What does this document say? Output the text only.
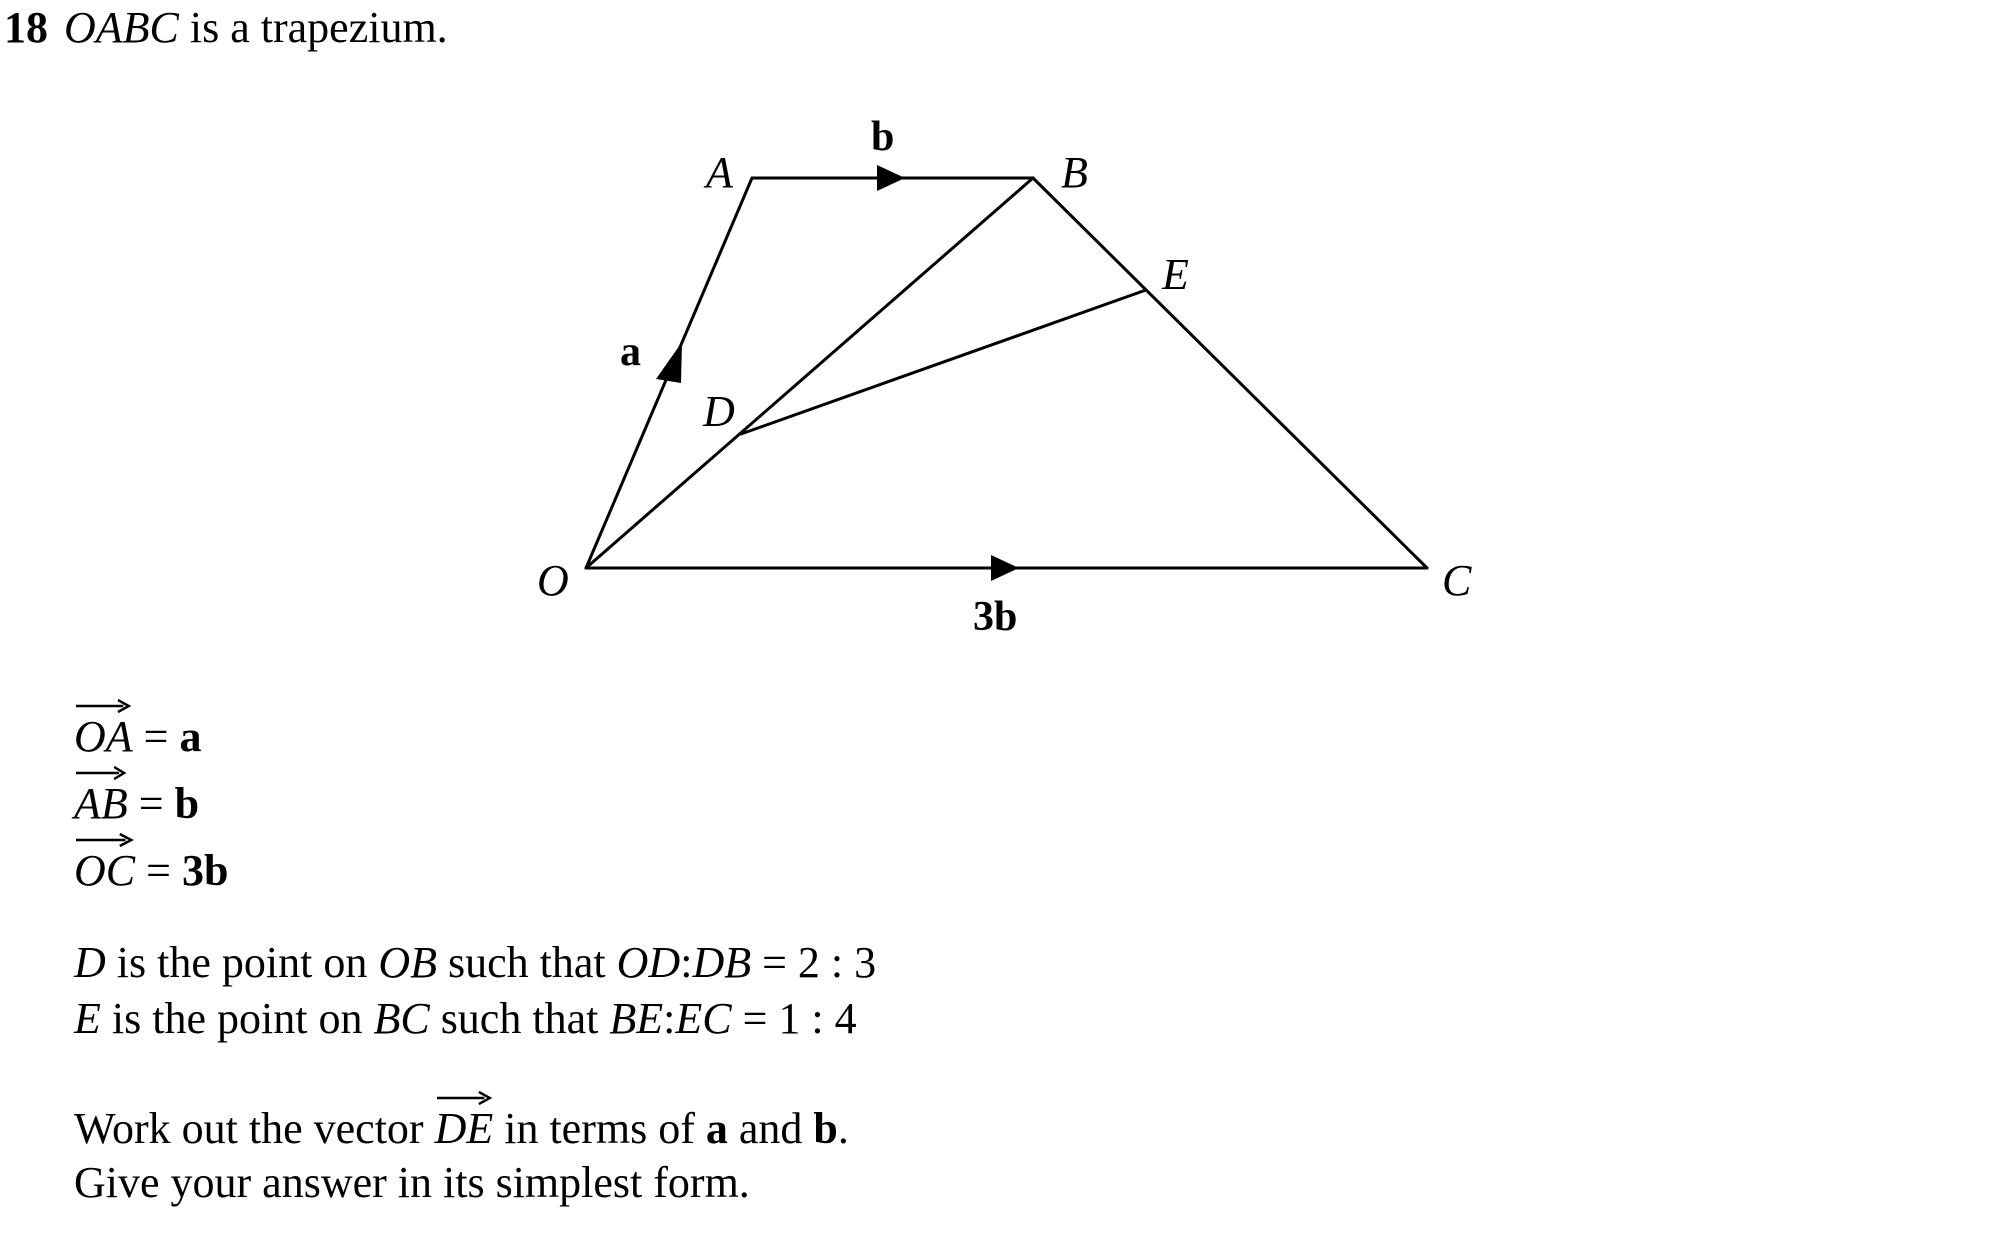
18 OABC is a trapezium.
A	B
E
D
O	C
b
a
3b
OA = a
AB = b
OC = 3b
D is the point on OB such that OD:DB = 2 : 3
E is the point on BC such that BE:EC = 1 : 4
Work out the vector DE in terms of a and b.
Give your answer in its simplest form.
